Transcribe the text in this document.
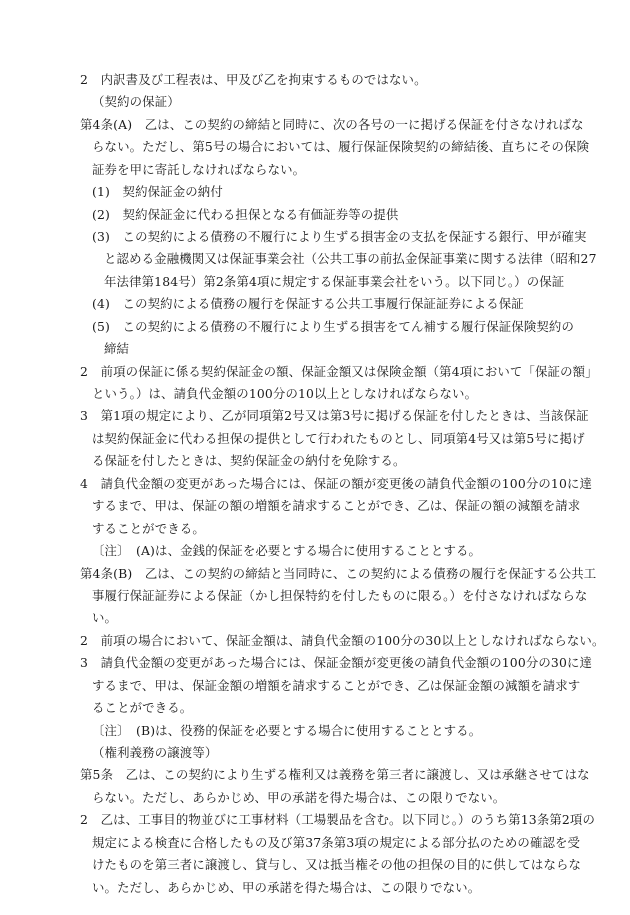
2　内訳書及び工程表は、甲及び乙を拘束するものではない。
（契約の保証）
第4条(A)　乙は、この契約の締結と同時に、次の各号の一に掲げる保証を付さなければな
らない。ただし、第5号の場合においては、履行保証保険契約の締結後、直ちにその保険
証券を甲に寄託しなければならない。
(1)　契約保証金の納付
(2)　契約保証金に代わる担保となる有価証券等の提供
(3)　この契約による債務の不履行により生ずる損害金の支払を保証する銀行、甲が確実
と認める金融機関又は保証事業会社（公共工事の前払金保証事業に関する法律（昭和27
年法律第184号）第2条第4項に規定する保証事業会社をいう。以下同じ。）の保証
(4)　この契約による債務の履行を保証する公共工事履行保証証券による保証
(5)　この契約による債務の不履行により生ずる損害をてん補する履行保証保険契約の
締結
2　前項の保証に係る契約保証金の額、保証金額又は保険金額（第4項において「保証の額」
という。）は、請負代金額の100分の10以上としなければならない。
3　第1項の規定により、乙が同項第2号又は第3号に掲げる保証を付したときは、当該保証
は契約保証金に代わる担保の提供として行われたものとし、同項第4号又は第5号に掲げ
る保証を付したときは、契約保証金の納付を免除する。
4　請負代金額の変更があった場合には、保証の額が変更後の請負代金額の100分の10に達
するまで、甲は、保証の額の増額を請求することができ、乙は、保証の額の減額を請求
することができる。
〔注〕　(A)は、金銭的保証を必要とする場合に使用することとする。
第4条(B)　乙は、この契約の締結と当同時に、この契約による債務の履行を保証する公共工
事履行保証証券による保証（かし担保特約を付したものに限る。）を付さなければならな
い。
2　前項の場合において、保証金額は、請負代金額の100分の30以上としなければならない。
3　請負代金額の変更があった場合には、保証金額が変更後の請負代金額の100分の30に達
するまで、甲は、保証金額の増額を請求することができ、乙は保証金額の減額を請求す
ることができる。
〔注〕　(B)は、役務的保証を必要とする場合に使用することとする。
（権利義務の譲渡等）
第5条　乙は、この契約により生ずる権利又は義務を第三者に譲渡し、又は承継させてはな
らない。ただし、あらかじめ、甲の承諾を得た場合は、この限りでない。
2　乙は、工事目的物並びに工事材料（工場製品を含む。以下同じ。）のうち第13条第2項の
規定による検査に合格したもの及び第37条第3項の規定による部分払のための確認を受
けたものを第三者に譲渡し、貸与し、又は抵当権その他の担保の目的に供してはならな
い。ただし、あらかじめ、甲の承諾を得た場合は、この限りでない。
